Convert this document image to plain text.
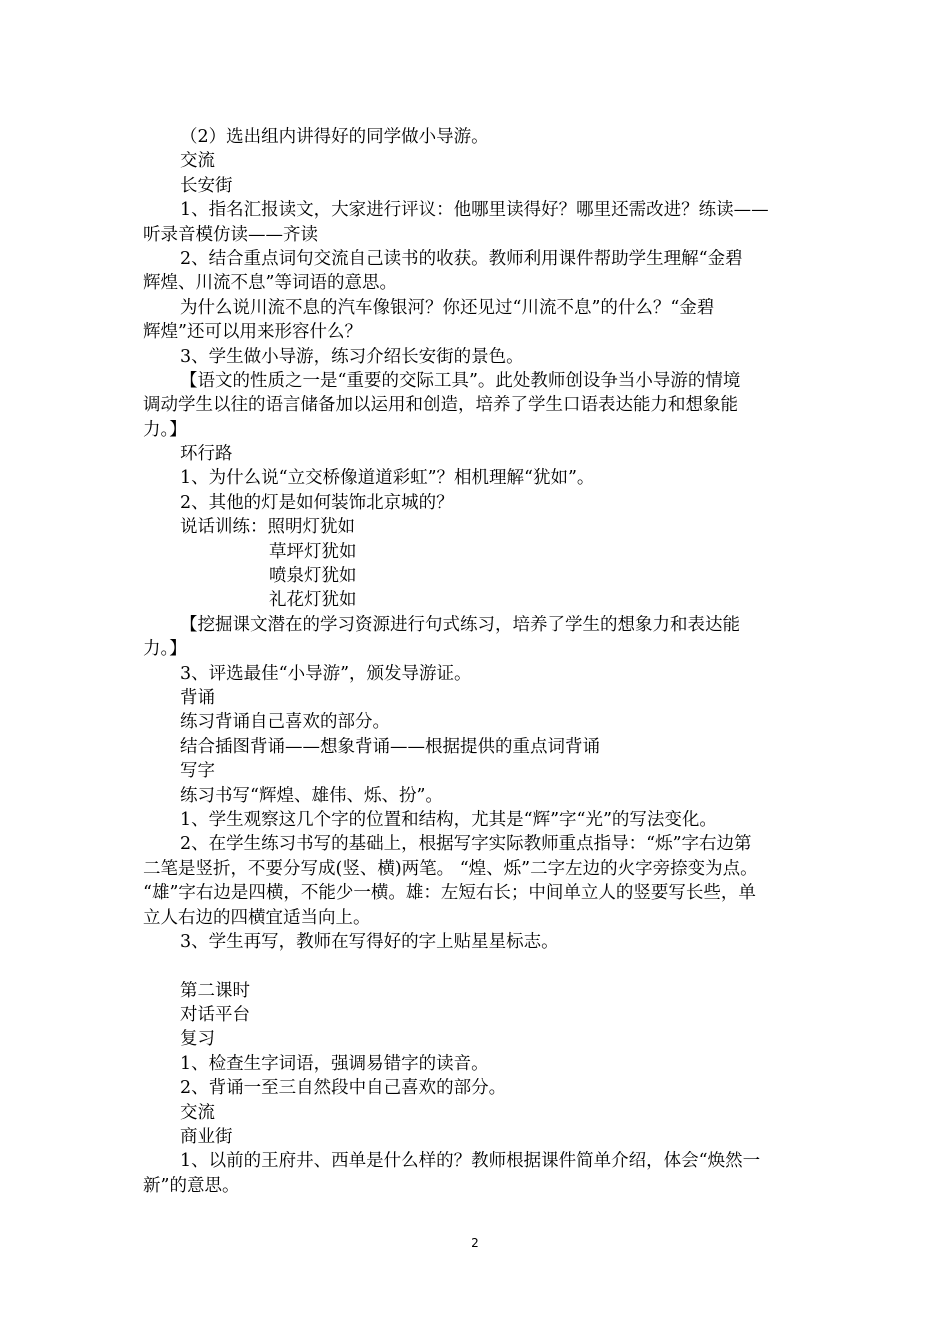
（2）选出组内讲得好的同学做小导游。
交流
长安街
1、指名汇报读文，大家进行评议：他哪里读得好？哪里还需改进？练读——
听录音模仿读——齐读
2、结合重点词句交流自己读书的收获。教师利用课件帮助学生理解“金碧
辉煌、川流不息”等词语的意思。
为什么说川流不息的汽车像银河？你还见过“川流不息”的什么？“金碧
辉煌”还可以用来形容什么？
3、学生做小导游，练习介绍长安街的景色。
【语文的性质之一是“重要的交际工具”。此处教师创设争当小导游的情境
调动学生以往的语言储备加以运用和创造，培养了学生口语表达能力和想象能
力。】
环行路
1、为什么说“立交桥像道道彩虹”？相机理解“犹如”。
2、其他的灯是如何装饰北京城的？
说话训练：照明灯犹如
草坪灯犹如
喷泉灯犹如
礼花灯犹如
【挖掘课文潜在的学习资源进行句式练习，培养了学生的想象力和表达能
力。】
3、评选最佳“小导游”，颁发导游证。
背诵
练习背诵自己喜欢的部分。
结合插图背诵——想象背诵——根据提供的重点词背诵
写字
练习书写“辉煌、雄伟、烁、扮”。
1、学生观察这几个字的位置和结构，尤其是“辉”字“光”的写法变化。
2、在学生练习书写的基础上，根据写字实际教师重点指导：“烁”字右边第
二笔是竖折，不要分写成(竖、横)两笔。 “煌、烁”二字左边的火字旁捺变为点。
“雄”字右边是四横，不能少一横。雄：左短右长；中间单立人的竖要写长些，单
立人右边的四横宜适当向上。
3、学生再写，教师在写得好的字上贴星星标志。
第二课时
对话平台
复习
1、检查生字词语，强调易错字的读音。
2、背诵一至三自然段中自己喜欢的部分。
交流
商业街
1、以前的王府井、西单是什么样的？教师根据课件简单介绍，体会“焕然一
新”的意思。
2
